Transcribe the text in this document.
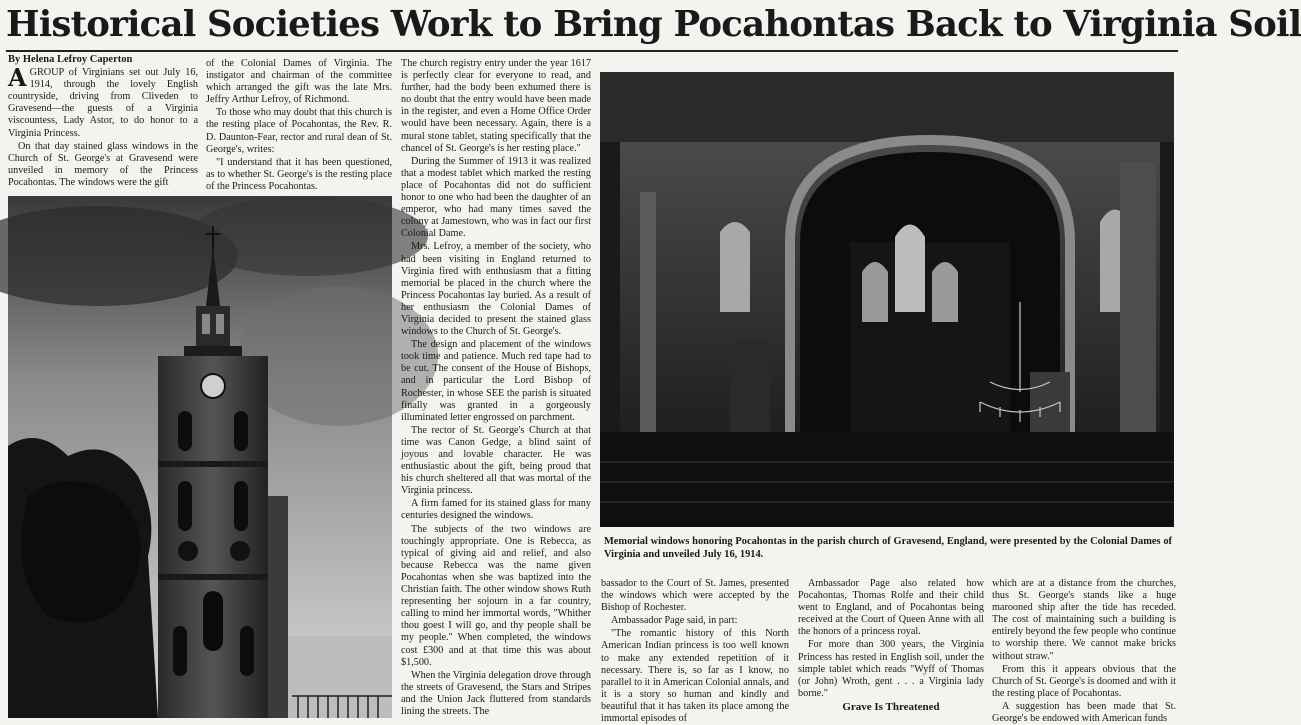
Historical Societies Work to Bring Pocahontas Back to Virginia Soil

By Helena Lefroy Caperton

AGROUP of Virginians set out July 16, 1914, through the lovely English countryside, driving from Cliveden to Gravesend—the guests of a Virginia viscountess, Lady Astor, to do honor to a Virginia Princess.

On that day stained glass windows in the Church of St. George's at Gravesend were unveiled in memory of the Princess Pocahontas. The windows were the gift

of the Colonial Dames of Virginia. The instigator and chairman of the committee which arranged the gift was the late Mrs. Jeffry Arthur Lefroy, of Richmond.

To those who may doubt that this church is the resting place of Pocahontas, the Rev. R. D. Daunton-Fear, rector and rural dean of St. George's, writes:

"I understand that it has been questioned, as to whether St. George's is the resting place of the Princess Pocahontas.

The church registry entry under the year 1617 is perfectly clear for everyone to read, and further, had the body been exhumed there is no doubt that the entry would have been made in the register, and even a Home Office Order would have been necessary. Again, there is a mural stone tablet, stating specifically that the chancel of St. George's is her resting place."

During the Summer of 1913 it was realized that a modest tablet which marked the resting place of Pocahontas did not do sufficient honor to one who had been the daughter of an emperor, who had many times saved the colony at Jamestown, who was in fact our first Colonial Dame.

Mrs. Lefroy, a member of the society, who had been visiting in England returned to Virginia fired with enthusiasm that a fitting memorial be placed in the church where the Princess Pocahontas lay buried. As a result of her enthusiasm the Colonial Dames of Virginia decided to present the stained glass windows to the Church of St. George's.

The design and placement of the windows took time and patience. Much red tape had to be cut. The consent of the House of Bishops, and in particular the Lord Bishop of Rochester, in whose SEE the parish is situated finally was granted in a gorgeously illuminated letter engrossed on parchment.

The rector of St. George's Church at that time was Canon Gedge, a blind saint of joyous and lovable character. He was enthusiastic about the gift, being proud that his church sheltered all that was mortal of the Virginia princess.

A firm famed for its stained glass for many centuries designed the windows.

The subjects of the two windows are touchingly appropriate. One is Rebecca, as typical of giving aid and relief, and also because Rebecca was the name given Pocahontas when she was baptized into the Christian faith. The other window shows Ruth representing her sojourn in a far country, calling to mind her immortal words, "Whither thou goest I will go, and thy people shall be my people." When completed, the windows cost £300 and at that time this was about $1,500.

When the Virginia delegation drove through the streets of Gravesend, the Stars and Stripes and the Union Jack fluttered from standards lining the streets. The

Memorial windows honoring Pocahontas in the parish church of Gravesend, England, were presented by the Colonial Dames of Virginia and unveiled July 16, 1914.

bassador to the Court of St. James, presented the windows which were accepted by the Bishop of Rochester.

Ambassador Page said, in part:

"The romantic history of this North American Indian princess is too well known to make any extended repetition of it necessary. There is, so far as I know, no parallel to it in American Colonial annals, and it is a story so human and kindly and beautiful that it has taken its place among the immortal episodes of

Ambassador Page also related how Pocahontas, Thomas Rolfe and their child went to England, and of Pocahontas being received at the Court of Queen Anne with all the honors of a princess royal.

For more than 300 years, the Virginia Princess has rested in English soil, under the simple tablet which reads "Wyff of Thomas (or John) Wroth, gent . . . a Virginia lady borne."

Grave Is Threatened

which are at a distance from the churches, thus St. George's stands like a huge marooned ship after the tide has receded. The cost of maintaining such a building is entirely beyond the few people who continue to worship there. We cannot make bricks without straw."

From this it appears obvious that the Church of St. George's is doomed and with it the resting place of Pocahontas.

A suggestion has been made that St. George's be endowed with American funds
